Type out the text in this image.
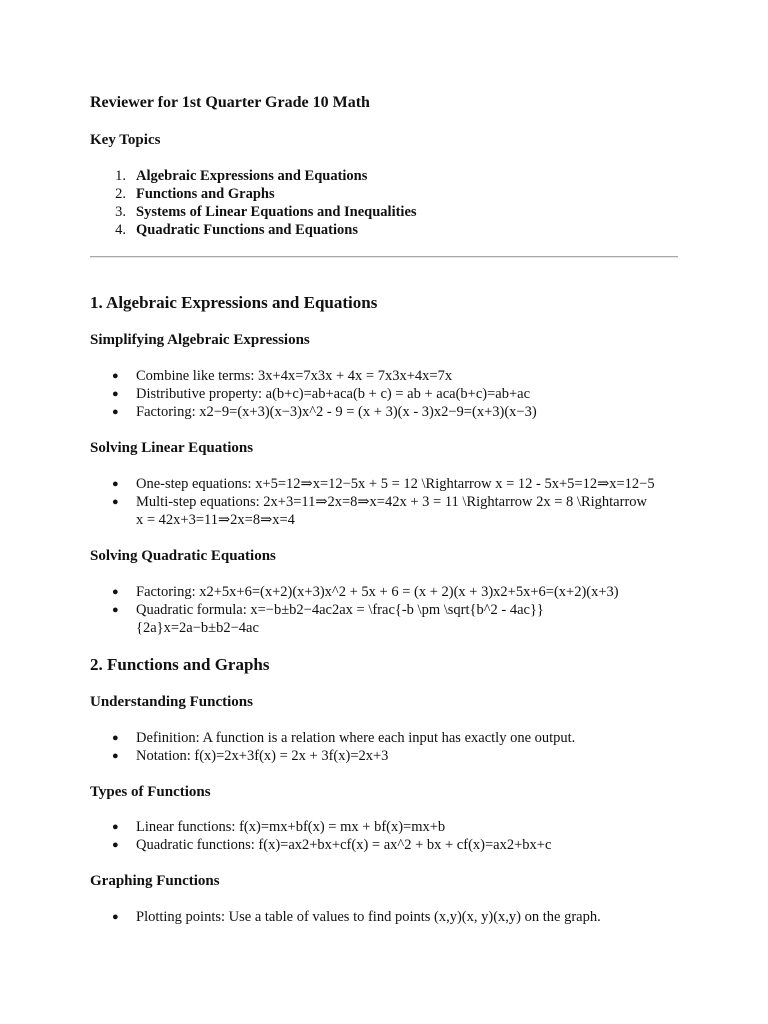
Reviewer for 1st Quarter Grade 10 Math
Key Topics
1. Algebraic Expressions and Equations
2. Functions and Graphs
3. Systems of Linear Equations and Inequalities
4. Quadratic Functions and Equations
1. Algebraic Expressions and Equations
Simplifying Algebraic Expressions
● Combine like terms: 3x+4x=7x3x + 4x = 7x3x+4x=7x
● Distributive property: a(b+c)=ab+aca(b + c) = ab + aca(b+c)=ab+ac
● Factoring: x2−9=(x+3)(x−3)x^2 - 9 = (x + 3)(x - 3)x2−9=(x+3)(x−3)
Solving Linear Equations
● One-step equations: x+5=12⇒x=12−5x + 5 = 12 \Rightarrow x = 12 - 5x+5=12⇒x=12−5
● Multi-step equations: 2x+3=11⇒2x=8⇒x=42x + 3 = 11 \Rightarrow 2x = 8 \Rightarrow
x = 42x+3=11⇒2x=8⇒x=4
Solving Quadratic Equations
● Factoring: x2+5x+6=(x+2)(x+3)x^2 + 5x + 6 = (x + 2)(x + 3)x2+5x+6=(x+2)(x+3)
● Quadratic formula: x=−b±b2−4ac2ax = \frac{-b \pm \sqrt{b^2 - 4ac}}
{2a}x=2a−b±b2−4ac
2. Functions and Graphs
Understanding Functions
● Definition: A function is a relation where each input has exactly one output.
● Notation: f(x)=2x+3f(x) = 2x + 3f(x)=2x+3
Types of Functions
● Linear functions: f(x)=mx+bf(x) = mx + bf(x)=mx+b
● Quadratic functions: f(x)=ax2+bx+cf(x) = ax^2 + bx + cf(x)=ax2+bx+c
Graphing Functions
● Plotting points: Use a table of values to find points (x,y)(x, y)(x,y) on the graph.
